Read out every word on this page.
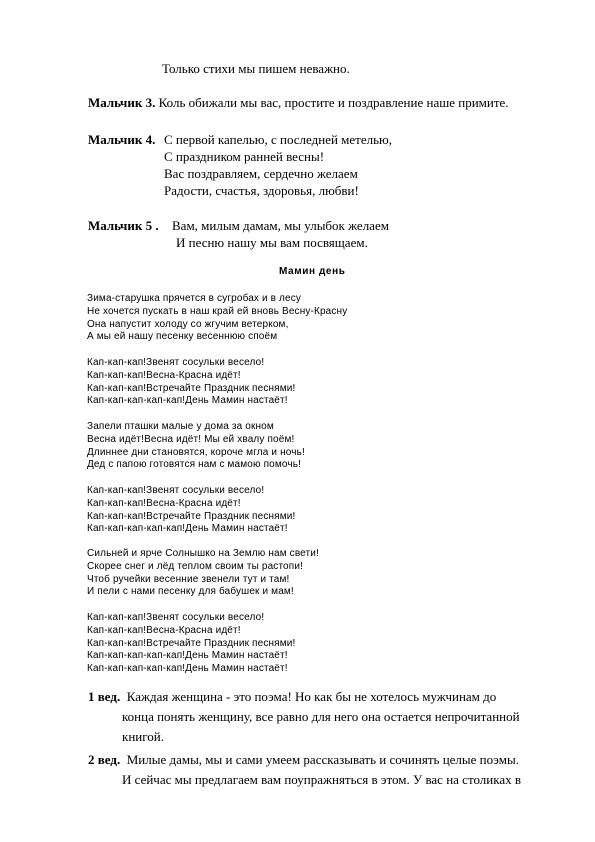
Только стихи мы пишем неважно.
Мальчик 3. Коль обижали мы вас, простите и поздравление наше примите.
Мальчик 4. С первой капелью, с последней метелью,
С праздником ранней весны!
Вас поздравляем, сердечно желаем
Радости, счастья, здоровья, любви!
Мальчик 5 . Вам, милым дамам, мы улыбок желаем
И песню нашу мы вам посвящаем.
Мамин день
Зима-старушка прячется в сугробах и в лесу
Не хочется пускать в наш край ей вновь Весну-Красну
Она напустит холоду со жгучим ветерком,
А мы ей нашу песенку весеннюю споём
Кап-кап-кап!Звенят сосульки весело!
Кап-кап-кап!Весна-Красна идёт!
Кап-кап-кап!Встречайте Праздник песнями!
Кап-кап-кап-кап-кап!День Мамин настаёт!
Запели пташки малые у дома за окном
Весна идёт!Весна идёт! Мы ей хвалу поём!
Длиннее дни становятся, короче мгла и ночь!
Дед с папою готовятся нам с мамою помочь!
Кап-кап-кап!Звенят сосульки весело!
Кап-кап-кап!Весна-Красна идёт!
Кап-кап-кап!Встречайте Праздник песнями!
Кап-кап-кап-кап-кап!День Мамин настаёт!
Сильней и ярче Солнышко на Землю нам свети!
Скорее снег и лёд теплом своим ты растопи!
Чтоб ручейки весенние звенели тут и там!
И пели с нами песенку для бабушек и мам!
Кап-кап-кап!Звенят сосульки весело!
Кап-кап-кап!Весна-Красна идёт!
Кап-кап-кап!Встречайте Праздник песнями!
Кап-кап-кап-кап-кап!День Мамин настаёт!
Кап-кап-кап-кап-кап!День Мамин настаёт!

1 вед. Каждая женщина - это поэма! Но как бы не хотелось мужчинам до

конца понять женщину, все равно для него она остается непрочитанной
книгой.

2 вед. Милые дамы, мы и сами умеем рассказывать и сочинять целые поэмы.

И сейчас мы предлагаем вам поупражняться в этом. У вас на столиках в
